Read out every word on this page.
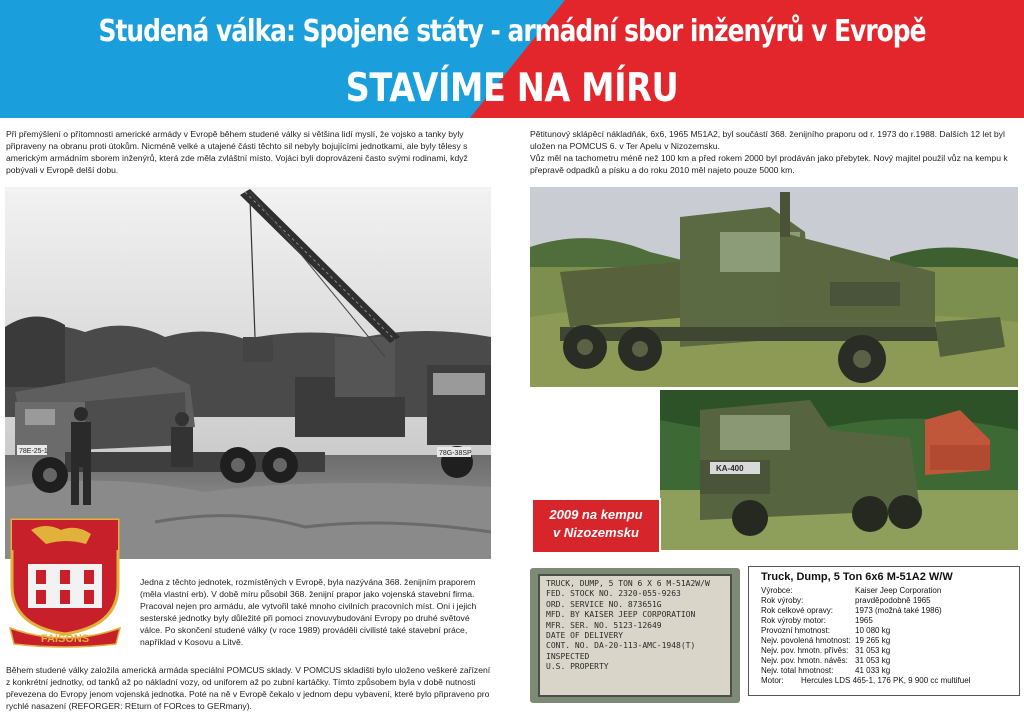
Studená válka: Spojené státy - armádní sbor inženýrů v Evropě
STAVÍME NA MÍRU

Při přemýšlení o přítomnosti americké armády v Evropě během studené války si většina lidí myslí, že vojsko a tanky byly připraveny na obranu proti útokům. Nicméně velké a utajené části těchto sil nebyly bojujícími jednotkami, ale byly tělesy s americkým armádním sborem inženýrů, která zde měla zvláštní místo. Vojáci byli doprovázeni často svými rodinami, když pobývali v Evropě delší dobu.

Pětitunový sklápěcí nákladňák, 6x6, 1965 M51A2, byl součástí 368. ženijního praporu od r. 1973 do r.1988. Dalších 12 let byl uložen na POMCUS 6. v Ter Apelu v Nizozemsku.

Vůz měl na tachometru méně než 100 km a před rokem 2000 byl prodáván jako přebytek. Nový majitel použil vůz na kempu k přepravě odpadků a písku a do roku 2010 měl najeto pouze 5000 km.

78E-25-1	78G-38SP
KA-400
2009 na kempu
v Nizozemsku
FAISONS

Jedna z těchto jednotek, rozmístěných v Evropě, byla nazývána 368. ženijním praporem (měla vlastní erb). V době míru působil 368. ženijní prapor jako vojenská stavební firma. Pracoval nejen pro armádu, ale vytvořil také mnoho civilních pracovních míst. Oni i jejich sesterské jednotky byly důležité při pomoci znovuvybudování Evropy po druhé světové válce. Po skončení studené války (v roce 1989) prováděli civilisté také stavební práce, například v Kosovu a Litvě.

Během studené války založila americká armáda speciální POMCUS sklady. V POMCUS skladišti bylo uloženo veškeré zařízení z konkrétní jednotky, od tanků až po nákladní vozy, od uniforem až po zubní kartáčky. Tímto způsobem byla v době nutnosti převezena do Evropy jenom vojenská jednotka. Poté na ně v Evropě čekalo v jednom depu vybavení, které bylo připraveno pro rychlé nasazení (REFORGER: REturn of FORces to GERmany).

TRUCK, DUMP, 5 TON 6 X 6 M-51A2W/W
FED. STOCK NO. 2320-055-9263
ORD. SERVICE NO. 873651G
MFD. BY KAISER JEEP CORPORATION
MFR. SER. NO. 5123-12649
DATE OF DELIVERY
CONT. NO. DA-20-113-AMC-1948(T)
INSPECTED
U.S. PROPERTY
Truck, Dump, 5 Ton 6x6 M-51A2 W/W
Výrobce:	Kaiser Jeep Corporation
Rok výroby:	pravděpodobně 1965
Rok celkové opravy:	1973 (možná také 1986)
Rok výroby motor:	1965
Provozní hmotnost:	10 080 kg
Nejv. povolená hmotnost: 19 265 kg
Nejv. pov. hmotn. přívěs: 31 053 kg
Nejv. pov. hmotn. návěs: 31 053 kg
Nejv. total hmotnost:	41 033 kg
Motor:	Hercules LDS 465-1, 176 PK, 9 900 cc multifuel
